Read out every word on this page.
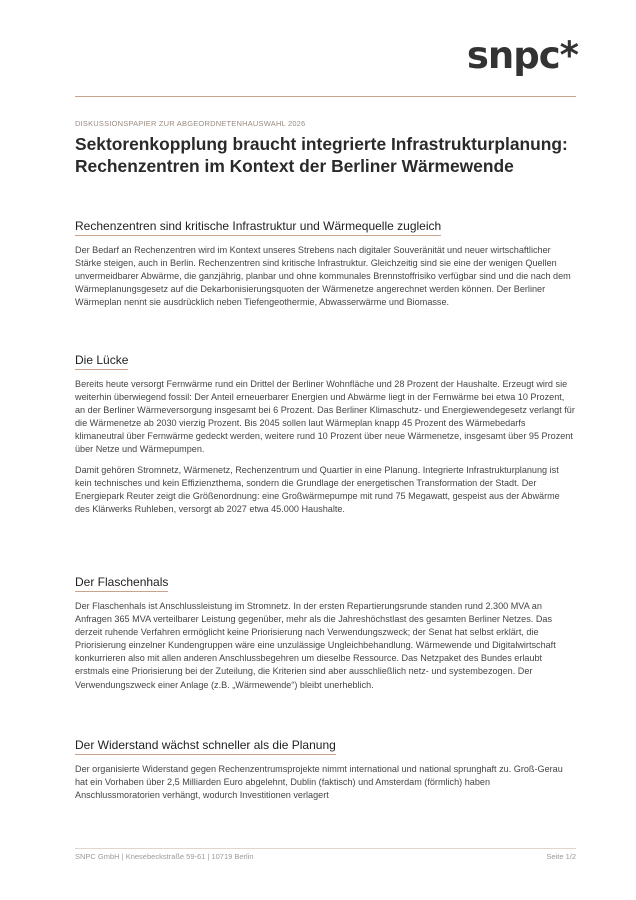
snpc*
DISKUSSIONSPAPIER ZUR ABGEORDNETENHAUSWAHL 2026
Sektorenkopplung braucht integrierte Infrastrukturplanung:
Rechenzentren im Kontext der Berliner Wärmewende
Rechenzentren sind kritische Infrastruktur und Wärmequelle zugleich

Der Bedarf an Rechenzentren wird im Kontext unseres Strebens nach digitaler Souveränität und neuer wirtschaftlicher Stärke steigen, auch in Berlin. Rechenzentren sind kritische Infrastruktur. Gleichzeitig sind sie eine der wenigen Quellen unvermeidbarer Abwärme, die ganzjährig, planbar und ohne kommunales Brennstoffrisiko verfügbar sind und die nach dem Wärmeplanungsgesetz auf die Dekarbonisierungsquoten der Wärmenetze angerechnet werden können. Der Berliner Wärmeplan nennt sie ausdrücklich neben Tiefengeothermie, Abwasserwärme und Biomasse.

Die Lücke

Bereits heute versorgt Fernwärme rund ein Drittel der Berliner Wohnfläche und 28 Prozent der Haushalte. Erzeugt wird sie weiterhin überwiegend fossil: Der Anteil erneuerbarer Energien und Abwärme liegt in der Fernwärme bei etwa 10 Prozent, an der Berliner Wärmeversorgung insgesamt bei 6 Prozent. Das Berliner Klimaschutz- und Energiewendegesetz verlangt für die Wärmenetze ab 2030 vierzig Prozent. Bis 2045 sollen laut Wärmeplan knapp 45 Prozent des Wärmebedarfs klimaneutral über Fernwärme gedeckt werden, weitere rund 10 Prozent über neue Wärmenetze, insgesamt über 95 Prozent über Netze und Wärmepumpen.

Damit gehören Stromnetz, Wärmenetz, Rechenzentrum und Quartier in eine Planung. Integrierte Infrastrukturplanung ist kein technisches und kein Effizienzthema, sondern die Grundlage der energetischen Transformation der Stadt. Der Energiepark Reuter zeigt die Größenordnung: eine Großwärmepumpe mit rund 75 Megawatt, gespeist aus der Abwärme des Klärwerks Ruhleben, versorgt ab 2027 etwa 45.000 Haushalte.

Der Flaschenhals

Der Flaschenhals ist Anschlussleistung im Stromnetz. In der ersten Repartierungsrunde standen rund 2.300 MVA an Anfragen 365 MVA verteilbarer Leistung gegenüber, mehr als die Jahreshöchstlast des gesamten Berliner Netzes. Das derzeit ruhende Verfahren ermöglicht keine Priorisierung nach Verwendungszweck; der Senat hat selbst erklärt, die Priorisierung einzelner Kundengruppen wäre eine unzulässige Ungleichbehandlung. Wärmewende und Digitalwirtschaft konkurrieren also mit allen anderen Anschlussbegehren um dieselbe Ressource. Das Netzpaket des Bundes erlaubt erstmals eine Priorisierung bei der Zuteilung, die Kriterien sind aber ausschließlich netz- und systembezogen. Der Verwendungszweck einer Anlage (z.B. „Wärmewende“) bleibt unerheblich.

Der Widerstand wächst schneller als die Planung

Der organisierte Widerstand gegen Rechenzentrumsprojekte nimmt international und national sprunghaft zu. Groß-Gerau hat ein Vorhaben über 2,5 Milliarden Euro abgelehnt, Dublin (faktisch) und Amsterdam (förmlich) haben Anschlussmoratorien verhängt, wodurch Investitionen verlagert

SNPC GmbH | Knesebeckstraße 59-61 | 10719 Berlin	Seite 1/2
